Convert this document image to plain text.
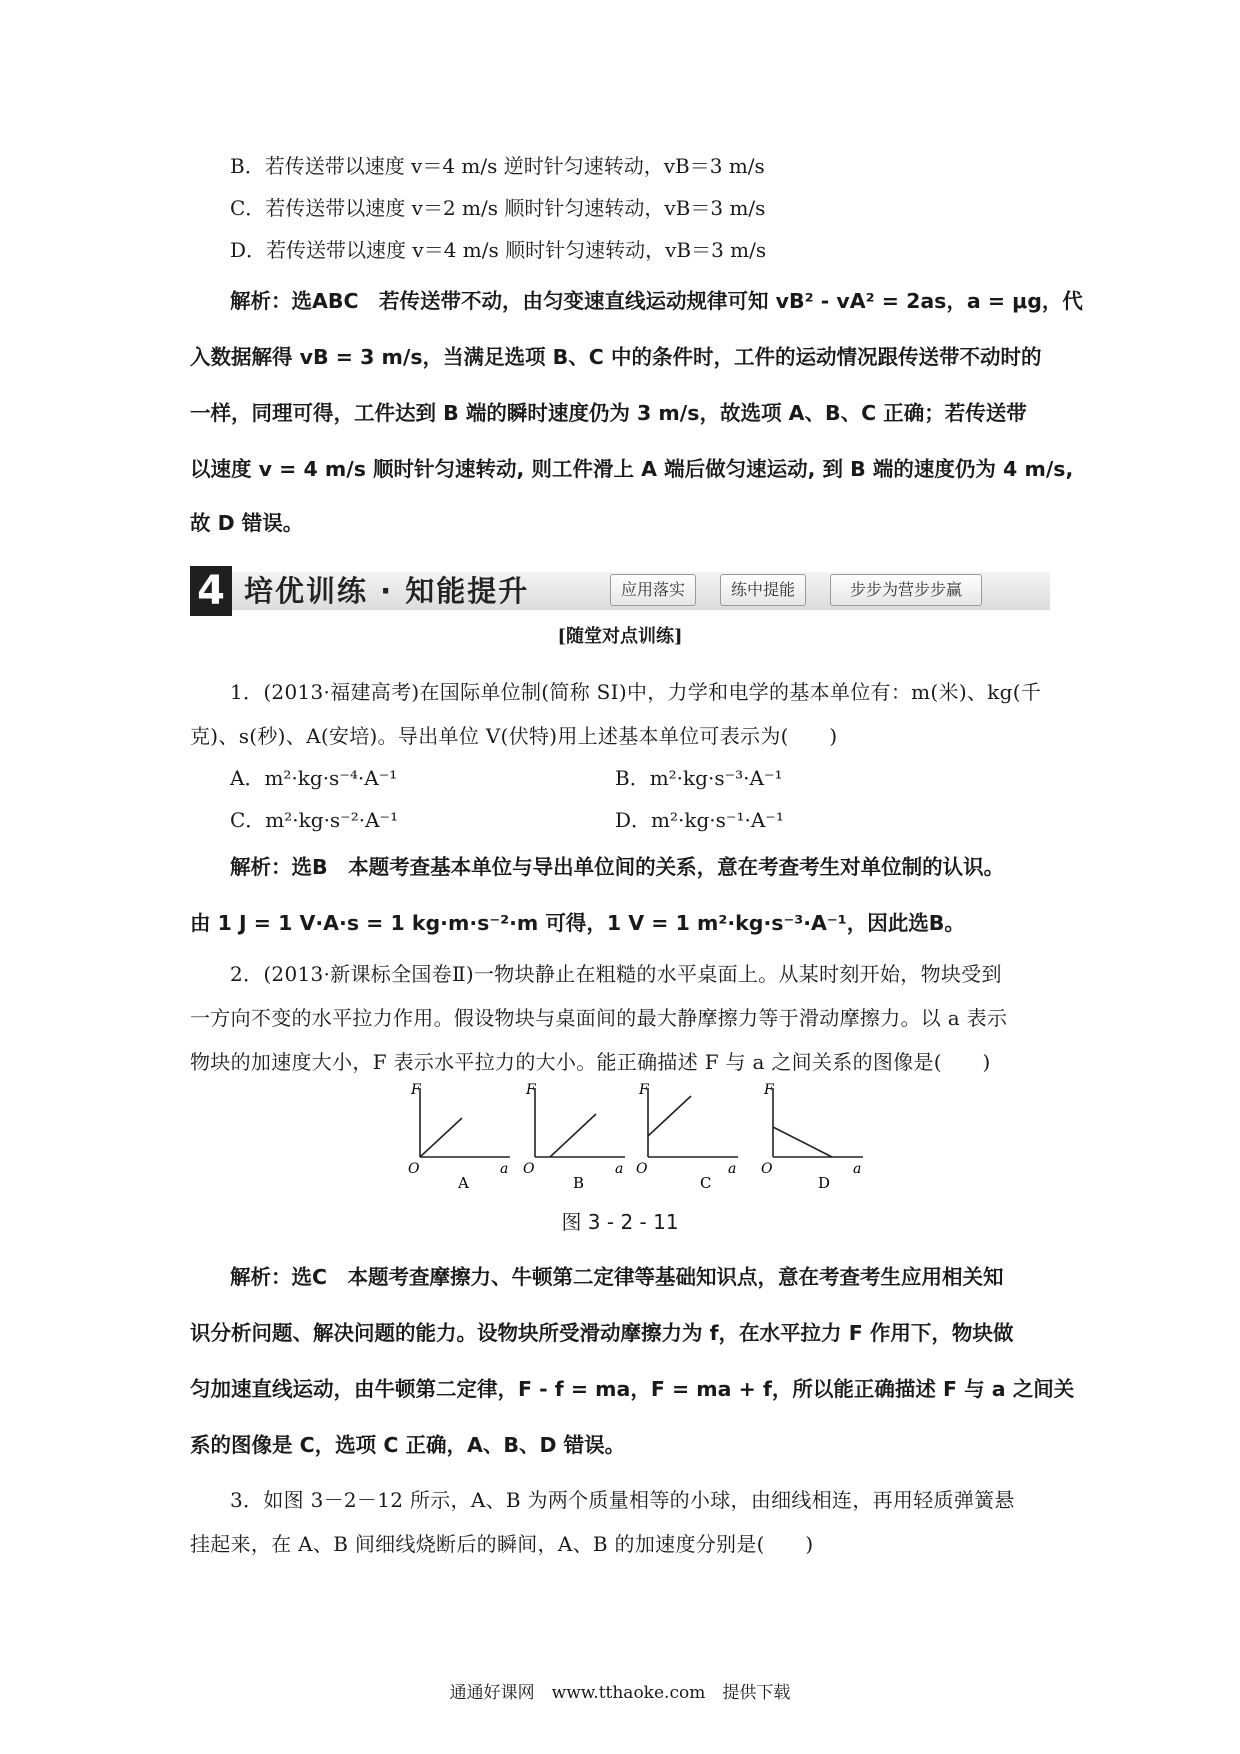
B．若传送带以速度 v＝4 m/s 逆时针匀速转动，vB＝3 m/s
C．若传送带以速度 v＝2 m/s 顺时针匀速转动，vB＝3 m/s
D．若传送带以速度 v＝4 m/s 顺时针匀速转动，vB＝3 m/s
解析：选ABC　若传送带不动，由匀变速直线运动规律可知 vB² - vA² = 2as，a = μg，代
入数据解得 vB = 3 m/s，当满足选项 B、C 中的条件时，工件的运动情况跟传送带不动时的
一样，同理可得，工件达到 B 端的瞬时速度仍为 3 m/s，故选项 A、B、C 正确；若传送带
以速度 v = 4 m/s 顺时针匀速转动, 则工件滑上 A 端后做匀速运动, 到 B 端的速度仍为 4 m/s,
故 D 错误。
4 培优训练 · 知能提升	应用落实	练中提能	步步为营步步赢
[随堂对点训练]
1．(2013·福建高考)在国际单位制(简称 SI)中，力学和电学的基本单位有：m(米)、kg(千
克)、s(秒)、A(安培)。导出单位 V(伏特)用上述基本单位可表示为(　　)
A．m²·kg·s⁻⁴·A⁻¹	B．m²·kg·s⁻³·A⁻¹
C．m²·kg·s⁻²·A⁻¹	D．m²·kg·s⁻¹·A⁻¹
解析：选B　本题考查基本单位与导出单位间的关系，意在考查考生对单位制的认识。
由 1 J = 1 V·A·s = 1 kg·m·s⁻²·m 可得，1 V = 1 m²·kg·s⁻³·A⁻¹，因此选B。
2．(2013·新课标全国卷Ⅱ)一物块静止在粗糙的水平桌面上。从某时刻开始，物块受到
一方向不变的水平拉力作用。假设物块与桌面间的最大静摩擦力等于滑动摩擦力。以 a 表示
物块的加速度大小，F 表示水平拉力的大小。能正确描述 F 与 a 之间关系的图像是(　　)
F
O	a
A
F
O	a
B
F
O	a
C
F
O	a
D
图 3 - 2 - 11
解析：选C　本题考查摩擦力、牛顿第二定律等基础知识点，意在考查考生应用相关知
识分析问题、解决问题的能力。设物块所受滑动摩擦力为 f，在水平拉力 F 作用下，物块做
匀加速直线运动，由牛顿第二定律，F - f = ma，F = ma + f，所以能正确描述 F 与 a 之间关
系的图像是 C，选项 C 正确，A、B、D 错误。
3．如图 3－2－12 所示，A、B 为两个质量相等的小球，由细线相连，再用轻质弹簧悬
挂起来，在 A、B 间细线烧断后的瞬间，A、B 的加速度分别是(　　)
通通好课网　www.tthaoke.com　提供下载
